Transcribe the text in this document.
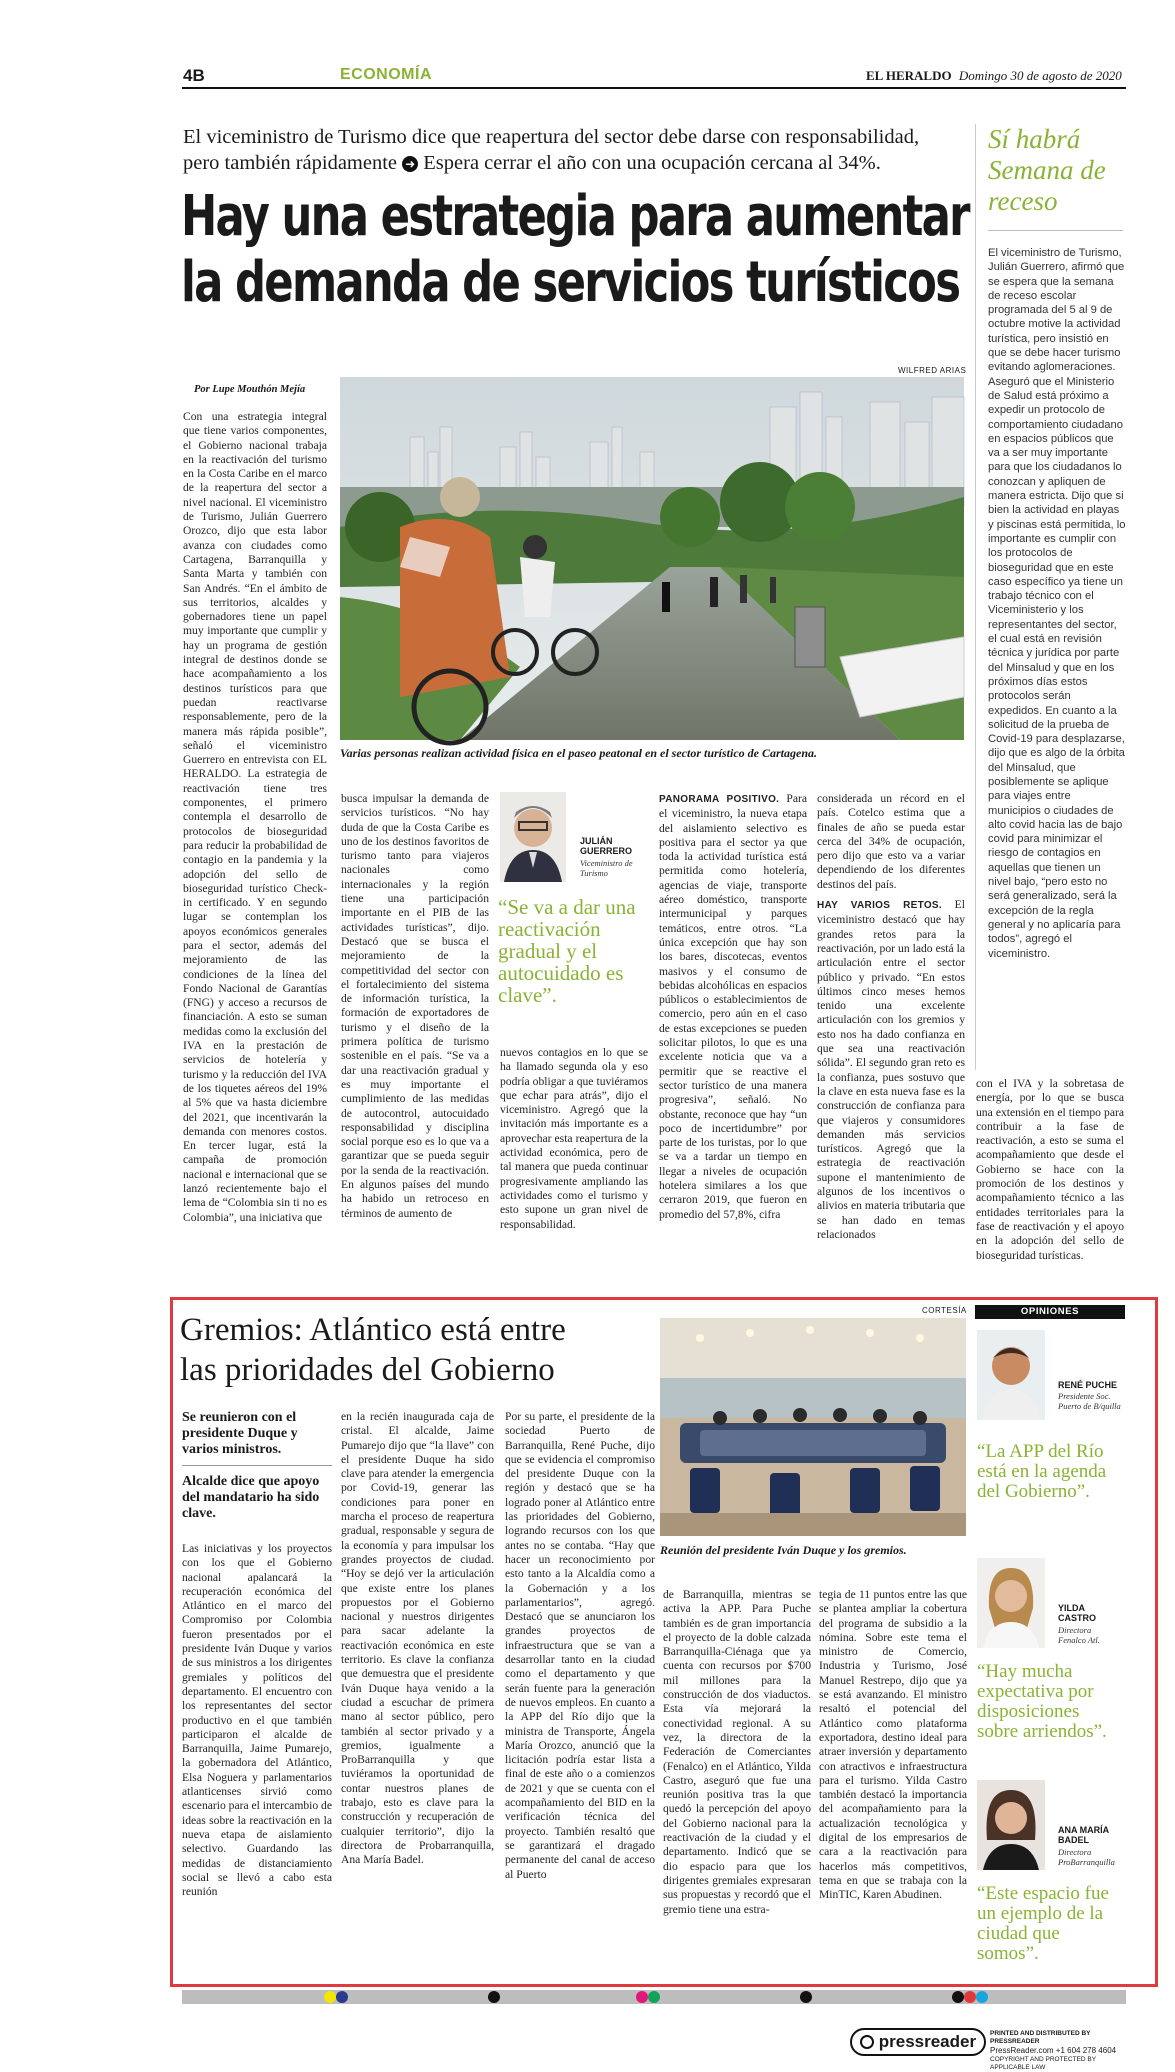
4B	ECONOMÍA	EL HERALDO Domingo 30 de agosto de 2020
El viceministro de Turismo dice que reapertura del sector debe darse con responsabilidad, pero también rápidamente ➜ Espera cerrar el año con una ocupación cercana al 34%.
Hay una estrategia para aumentar
la demanda de servicios turísticos
Sí habrá Semana de receso
El viceministro de Turismo, Julián Guerrero, afirmó que se espera que la semana de receso escolar programada del 5 al 9 de octubre motive la actividad turística, pero insistió en que se debe hacer turismo evitando aglomeraciones. Aseguró que el Ministerio de Salud está próximo a expedir un protocolo de comportamiento ciudadano en espacios públicos que va a ser muy importante para que los ciudadanos lo conozcan y apliquen de manera estricta. Dijo que si bien la actividad en playas y piscinas está permitida, lo importante es cumplir con los protocolos de bioseguridad que en este caso específico ya tiene un trabajo técnico con el Viceministerio y los representantes del sector, el cual está en revisión técnica y jurídica por parte del Minsalud y que en los próximos días estos protocolos serán expedidos. En cuanto a la solicitud de la prueba de Covid-19 para desplazarse, dijo que es algo de la órbita del Minsalud, que posiblemente se aplique para viajes entre municipios o ciudades de alto covid hacia las de bajo covid para minimizar el riesgo de contagios en aquellas que tienen un nivel bajo, “pero esto no será generalizado, será la excepción de la regla general y no aplicaría para todos”, agregó el viceministro.
Por Lupe Mouthón Mejía
WILFRED ARIAS
Varias personas realizan actividad física en el paseo peatonal en el sector turístico de Cartagena.
Con una estrategia integral que tiene varios componentes, el Gobierno nacional trabaja en la reactivación del turismo en la Costa Caribe en el marco de la reapertura del sector a nivel nacional. El viceministro de Turismo, Julián Guerrero Orozco, dijo que esta labor avanza con ciudades como Cartagena, Barranquilla y Santa Marta y también con San Andrés. “En el ámbito de sus territorios, alcaldes y gobernadores tiene un papel muy importante que cumplir y hay un programa de gestión integral de destinos donde se hace acompañamiento a los destinos turísticos para que puedan reactivarse responsablemente, pero de la manera más rápida posible”, señaló el viceministro Guerrero en entrevista con EL HERALDO. La estrategia de reactivación tiene tres componentes, el primero contempla el desarrollo de protocolos de bioseguridad para reducir la probabilidad de contagio en la pandemia y la adopción del sello de bioseguridad turístico Check-in certificado. Y en segundo lugar se contemplan los apoyos económicos generales para el sector, además del mejoramiento de las condiciones de la línea del Fondo Nacional de Garantías (FNG) y acceso a recursos de financiación. A esto se suman medidas como la exclusión del IVA en la prestación de servicios de hotelería y turismo y la reducción del IVA de los tiquetes aéreos del 19% al 5% que va hasta diciembre del 2021, que incentivarán la demanda con menores costos. En tercer lugar, está la campaña de promoción nacional e internacional que se lanzó recientemente bajo el lema de “Colombia sin ti no es Colombia”, una iniciativa que
busca impulsar la demanda de servicios turísticos. “No hay duda de que la Costa Caribe es uno de los destinos favoritos de turismo tanto para viajeros nacionales como internacionales y la región tiene una participación importante en el PIB de las actividades turísticas”, dijo. Destacó que se busca el mejoramiento de la competitividad del sector con el fortalecimiento del sistema de información turística, la formación de exportadores de turismo y el diseño de la primera política de turismo sostenible en el país. “Se va a dar una reactivación gradual y es muy importante el cumplimiento de las medidas de autocontrol, autocuidado responsabilidad y disciplina social porque eso es lo que va a garantizar que se pueda seguir por la senda de la reactivación. En algunos países del mundo ha habido un retroceso en términos de aumento de
JULIÁN GUERRERO
Viceministro de Turismo
“Se va a dar una reactivación gradual y el autocuidado es clave”.
nuevos contagios en lo que se ha llamado segunda ola y eso podría obligar a que tuviéramos que echar para atrás”, dijo el viceministro. Agregó que la invitación más importante es a aprovechar esta reapertura de la actividad económica, pero de tal manera que pueda continuar progresivamente ampliando las actividades como el turismo y esto supone un gran nivel de responsabilidad.
PANORAMA POSITIVO. Para el viceministro, la nueva etapa del aislamiento selectivo es positiva para el sector ya que toda la actividad turística está permitida como hotelería, agencias de viaje, transporte aéreo doméstico, transporte intermunicipal y parques temáticos, entre otros. “La única excepción que hay son los bares, discotecas, eventos masivos y el consumo de bebidas alcohólicas en espacios públicos o establecimientos de comercio, pero aún en el caso de estas excepciones se pueden solicitar pilotos, lo que es una excelente noticia que va a permitir que se reactive el sector turístico de una manera progresiva”, señaló. No obstante, reconoce que hay “un poco de incertidumbre” por parte de los turistas, por lo que se va a tardar un tiempo en llegar a niveles de ocupación hotelera similares a los que cerraron 2019, que fueron en promedio del 57,8%, cifra
considerada un récord en el país. Cotelco estima que a finales de año se pueda estar cerca del 34% de ocupación, pero dijo que esto va a variar dependiendo de los diferentes destinos del país.
HAY VARIOS RETOS. El viceministro destacó que hay grandes retos para la reactivación, por un lado está la articulación entre el sector público y privado. “En estos últimos cinco meses hemos tenido una excelente articulación con los gremios y esto nos ha dado confianza en que sea una reactivación sólida”. El segundo gran reto es la confianza, pues sostuvo que la clave en esta nueva fase es la construcción de confianza para que viajeros y consumidores demanden más servicios turísticos. Agregó que la estrategia de reactivación supone el mantenimiento de algunos de los incentivos o alivios en materia tributaria que se han dado en temas relacionados
con el IVA y la sobretasa de energía, por lo que se busca una extensión en el tiempo para contribuir a la fase de reactivación, a esto se suma el acompañamiento que desde el Gobierno se hace con la promoción de los destinos y acompañamiento técnico a las entidades territoriales para la fase de reactivación y el apoyo en la adopción del sello de bioseguridad turísticas.
Gremios: Atlántico está entre
las prioridades del Gobierno
Se reunieron con el presidente Duque y varios ministros.
Alcalde dice que apoyo del mandatario ha sido clave.
Las iniciativas y los proyectos con los que el Gobierno nacional apalancará la recuperación económica del Atlántico en el marco del Compromiso por Colombia fueron presentados por el presidente Iván Duque y varios de sus ministros a los dirigentes gremiales y políticos del departamento. El encuentro con los representantes del sector productivo en el que también participaron el alcalde de Barranquilla, Jaime Pumarejo, la gobernadora del Atlántico, Elsa Noguera y parlamentarios atlanticenses sirvió como escenario para el intercambio de ideas sobre la reactivación en la nueva etapa de aislamiento selectivo. Guardando las medidas de distanciamiento social se llevó a cabo esta reunión
en la recién inaugurada caja de cristal. El alcalde, Jaime Pumarejo dijo que “la llave” con el presidente Duque ha sido clave para atender la emergencia por Covid-19, generar las condiciones para poner en marcha el proceso de reapertura gradual, responsable y segura de la economía y para impulsar los grandes proyectos de ciudad. “Hoy se dejó ver la articulación que existe entre los planes propuestos por el Gobierno nacional y nuestros dirigentes para sacar adelante la reactivación económica en este territorio. Es clave la confianza que demuestra que el presidente Iván Duque haya venido a la ciudad a escuchar de primera mano al sector público, pero también al sector privado y a gremios, igualmente a ProBarranquilla y que tuviéramos la oportunidad de contar nuestros planes de trabajo, esto es clave para la construcción y recuperación de cualquier territorio”, dijo la directora de Probarranquilla, Ana María Badel.
Por su parte, el presidente de la sociedad Puerto de Barranquilla, René Puche, dijo que se evidencia el compromiso del presidente Duque con la región y destacó que se ha logrado poner al Atlántico entre las prioridades del Gobierno, logrando recursos con los que antes no se contaba. “Hay que hacer un reconocimiento por esto tanto a la Alcaldía como a la Gobernación y a los parlamentarios”, agregó. Destacó que se anunciaron los grandes proyectos de infraestructura que se van a desarrollar tanto en la ciudad como el departamento y que serán fuente para la generación de nuevos empleos. En cuanto a la APP del Río dijo que la ministra de Transporte, Ángela María Orozco, anunció que la licitación podría estar lista a final de este año o a comienzos de 2021 y que se cuenta con el acompañamiento del BID en la verificación técnica del proyecto. También resaltó que se garantizará el dragado permanente del canal de acceso al Puerto
CORTESÍA
Reunión del presidente Iván Duque y los gremios.
de Barranquilla, mientras se activa la APP. Para Puche también es de gran importancia el proyecto de la doble calzada Barranquilla-Ciénaga que ya cuenta con recursos por $700 mil millones para la construcción de dos viaductos. Esta vía mejorará la conectividad regional. A su vez, la directora de la Federación de Comerciantes (Fenalco) en el Atlántico, Yilda Castro, aseguró que fue una reunión positiva tras la que quedó la percepción del apoyo del Gobierno nacional para la reactivación de la ciudad y el departamento. Indicó que se dio espacio para que los dirigentes gremiales expresaran sus propuestas y recordó que el gremio tiene una estra-
tegia de 11 puntos entre las que se plantea ampliar la cobertura del programa de subsidio a la nómina. Sobre este tema el ministro de Comercio, Industria y Turismo, José Manuel Restrepo, dijo que ya se está avanzando. El ministro resaltó el potencial del Atlántico como plataforma exportadora, destino ideal para atraer inversión y departamento con atractivos e infraestructura para el turismo. Yilda Castro también destacó la importancia del acompañamiento para la actualización tecnológica y digital de los empresarios de cara a la reactivación para hacerlos más competitivos, tema en que se trabaja con la MinTIC, Karen Abudinen.
OPINIONES
RENÉ PUCHE
Presidente Soc. Puerto de B/quilla
“La APP del Río está en la agenda del Gobierno”.
YILDA CASTRO
Directora Fenalco Atl.
“Hay mucha expectativa por disposiciones sobre arriendos”.
ANA MARÍA BADEL
Directora ProBarranquilla
“Este espacio fue un ejemplo de la ciudad que somos”.
pressreader	PRINTED AND DISTRIBUTED BY PRESSREADER
PressReader.com +1 604 278 4604
COPYRIGHT AND PROTECTED BY APPLICABLE LAW
